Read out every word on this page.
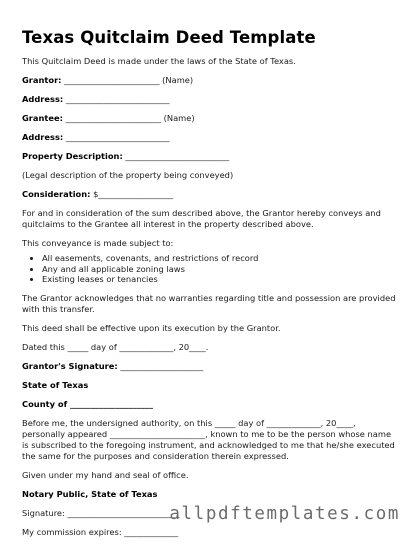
Texas Quitclaim Deed Template

This Quitclaim Deed is made under the laws of the State of Texas.

Grantor: _______________________ (Name)

Address: _________________________

Grantee: _______________________ (Name)

Address: _________________________

Property Description: _________________________

(Legal description of the property being conveyed)

Consideration: $__________________

For and in consideration of the sum described above, the Grantor hereby conveys and quitclaims to the Grantee all interest in the property described above.

This conveyance is made subject to:

• All easements, covenants, and restrictions of record
• Any and all applicable zoning laws
• Existing leases or tenancies

The Grantor acknowledges that no warranties regarding title and possession are provided with this transfer.

This deed shall be effective upon its execution by the Grantor.

Dated this _____ day of _____________, 20____.

Grantor's Signature: ____________________

State of Texas

County of ____________________

Before me, the undersigned authority, on this _____ day of _____________, 20____, personally appeared _______________________, known to me to be the person whose name is subscribed to the foregoing instrument, and acknowledged to me that he/she executed the same for the purposes and consideration therein expressed.

Given under my hand and seal of office.

Notary Public, State of Texas

Signature: ___________________________

My commission expires: _____________

allpdftemplates.com
